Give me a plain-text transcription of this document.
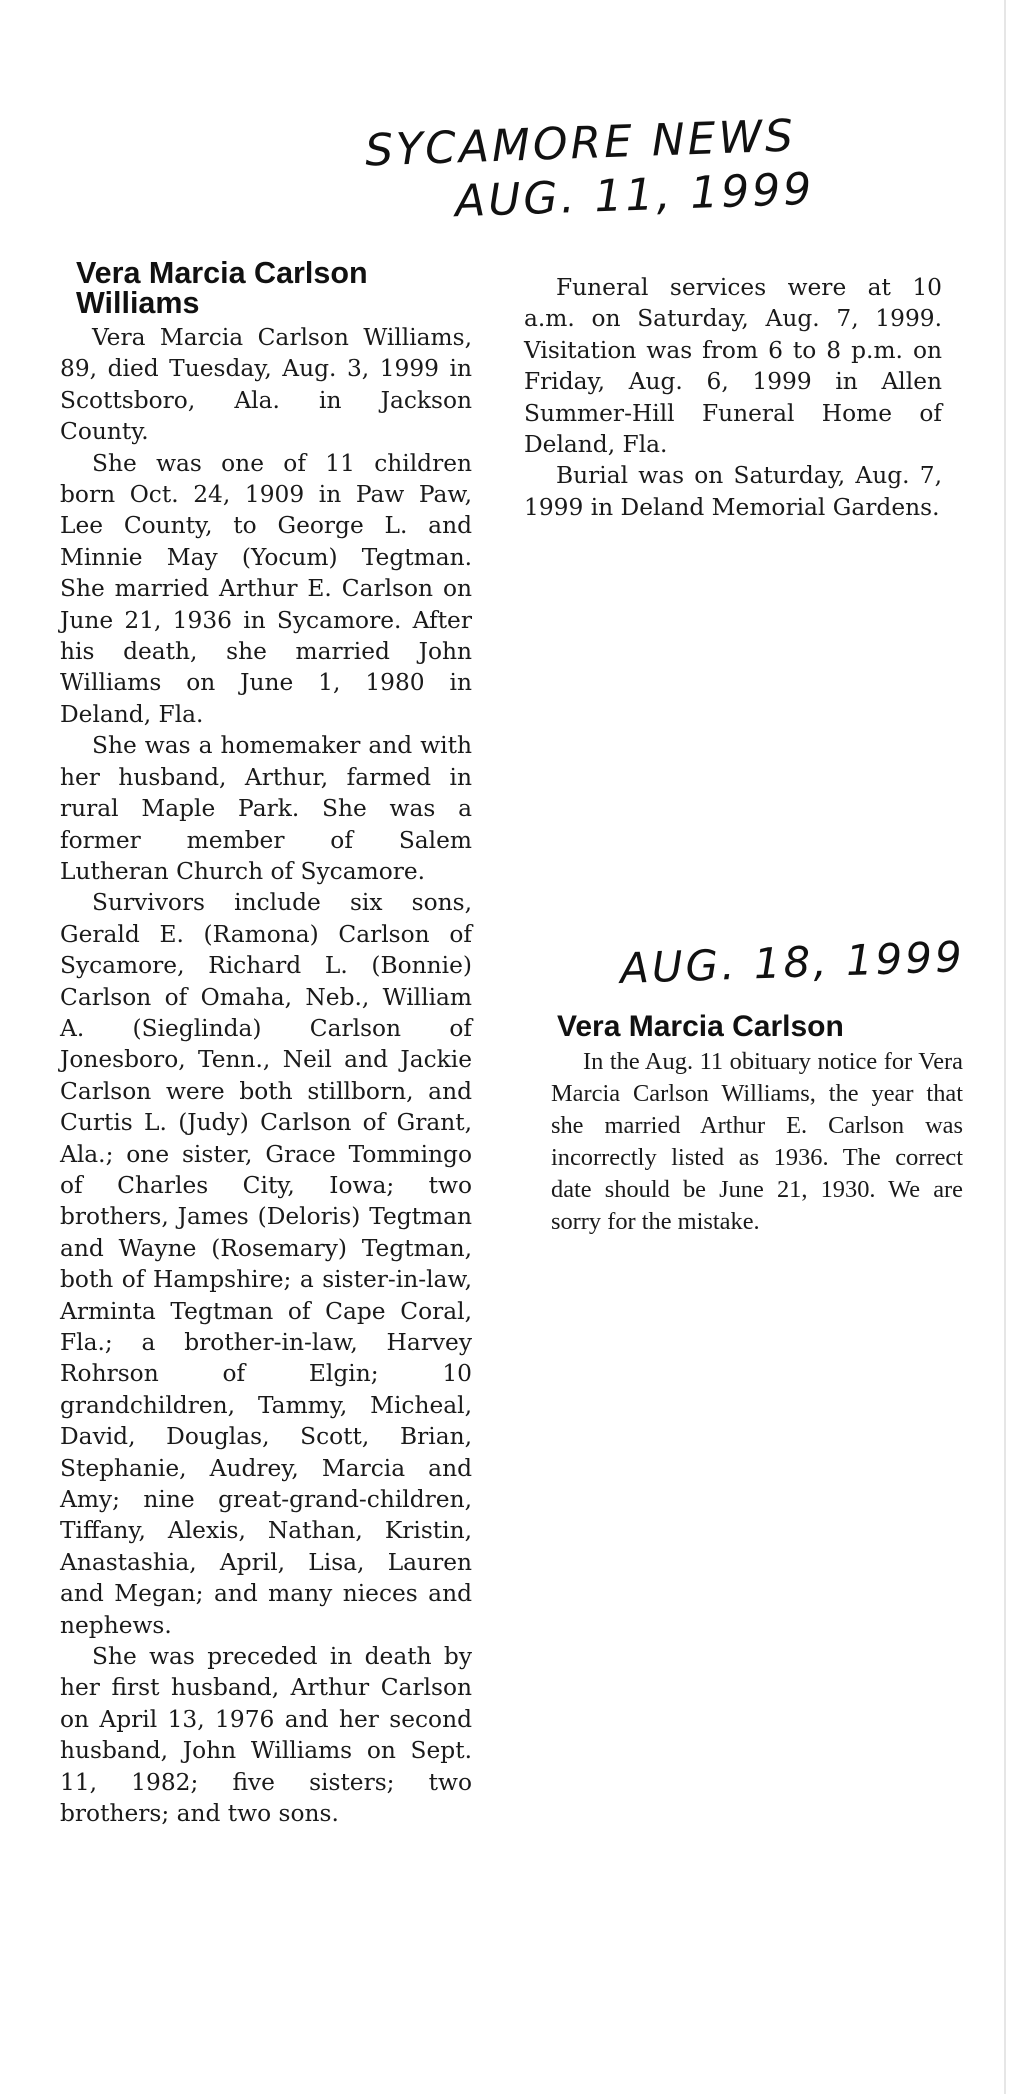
SYCAMORE NEWS
AUG. 11, 1999
AUG. 18, 1999
Vera Marcia Carlson Williams

Vera Marcia Carlson Williams, 89, died Tuesday, Aug. 3, 1999 in Scottsboro, Ala. in Jackson County.

She was one of 11 children born Oct. 24, 1909 in Paw Paw, Lee County, to George L. and Minnie May (Yocum) Tegtman. She married Arthur E. Carlson on June 21, 1936 in Sycamore. After his death, she married John Williams on June 1, 1980 in Deland, Fla.

She was a homemaker and with her husband, Arthur, farmed in rural Maple Park. She was a former member of Salem Lutheran Church of Sycamore.

Survivors include six sons, Gerald E. (Ramona) Carlson of Sycamore, Richard L. (Bonnie) Carlson of Omaha, Neb., William A. (Sieglinda) Carlson of Jonesboro, Tenn., Neil and Jackie Carlson were both stillborn, and Curtis L. (Judy) Carlson of Grant, Ala.; one sister, Grace Tommingo of Charles City, Iowa; two brothers, James (Deloris) Tegtman and Wayne (Rosemary) Tegtman, both of Hampshire; a sister-in-law, Arminta Tegtman of Cape Coral, Fla.; a brother-in-law, Harvey Rohrson of Elgin; 10 grandchildren, Tammy, Micheal, David, Douglas, Scott, Brian, Stephanie, Audrey, Marcia and Amy; nine great-grand-children, Tiffany, Alexis, Nathan, Kristin, Anastashia, April, Lisa, Lauren and Megan; and many nieces and nephews.

She was preceded in death by her first husband, Arthur Carlson on April 13, 1976 and her second husband, John Williams on Sept. 11, 1982; five sisters; two brothers; and two sons.

Funeral services were at 10 a.m. on Saturday, Aug. 7, 1999. Visitation was from 6 to 8 p.m. on Friday, Aug. 6, 1999 in Allen Summer-Hill Funeral Home of Deland, Fla.

Burial was on Saturday, Aug. 7, 1999 in Deland Memorial Gardens.

Vera Marcia Carlson

In the Aug. 11 obituary notice for Vera Marcia Carlson Williams, the year that she married Arthur E. Carlson was incorrectly listed as 1936. The correct date should be June 21, 1930. We are sorry for the mistake.
